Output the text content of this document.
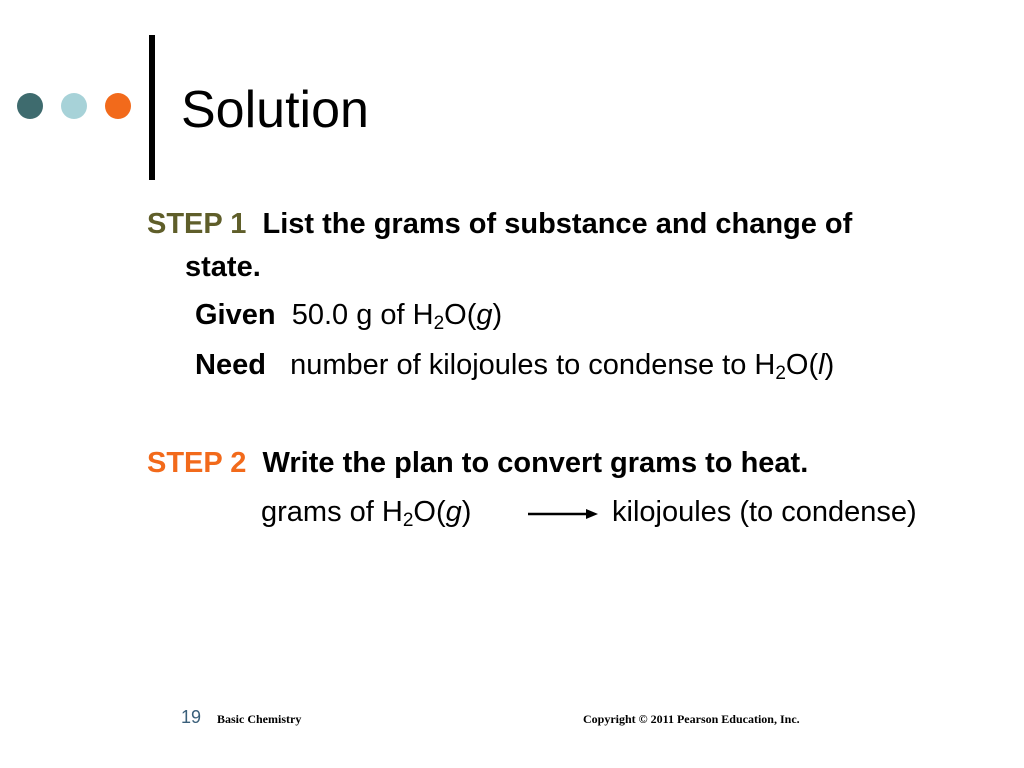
Solution
STEP 1 List the grams of substance and change of
state.
Given 50.0 g of $H_2O(g)$
Need number of kilojoules to condense to $H_2O(l)$
STEP 2 Write the plan to convert grams to heat.
grams of $H_2O(g)$	kilojoules (to condense)
19 Basic Chemistry	Copyright © 2011 Pearson Education, Inc.
